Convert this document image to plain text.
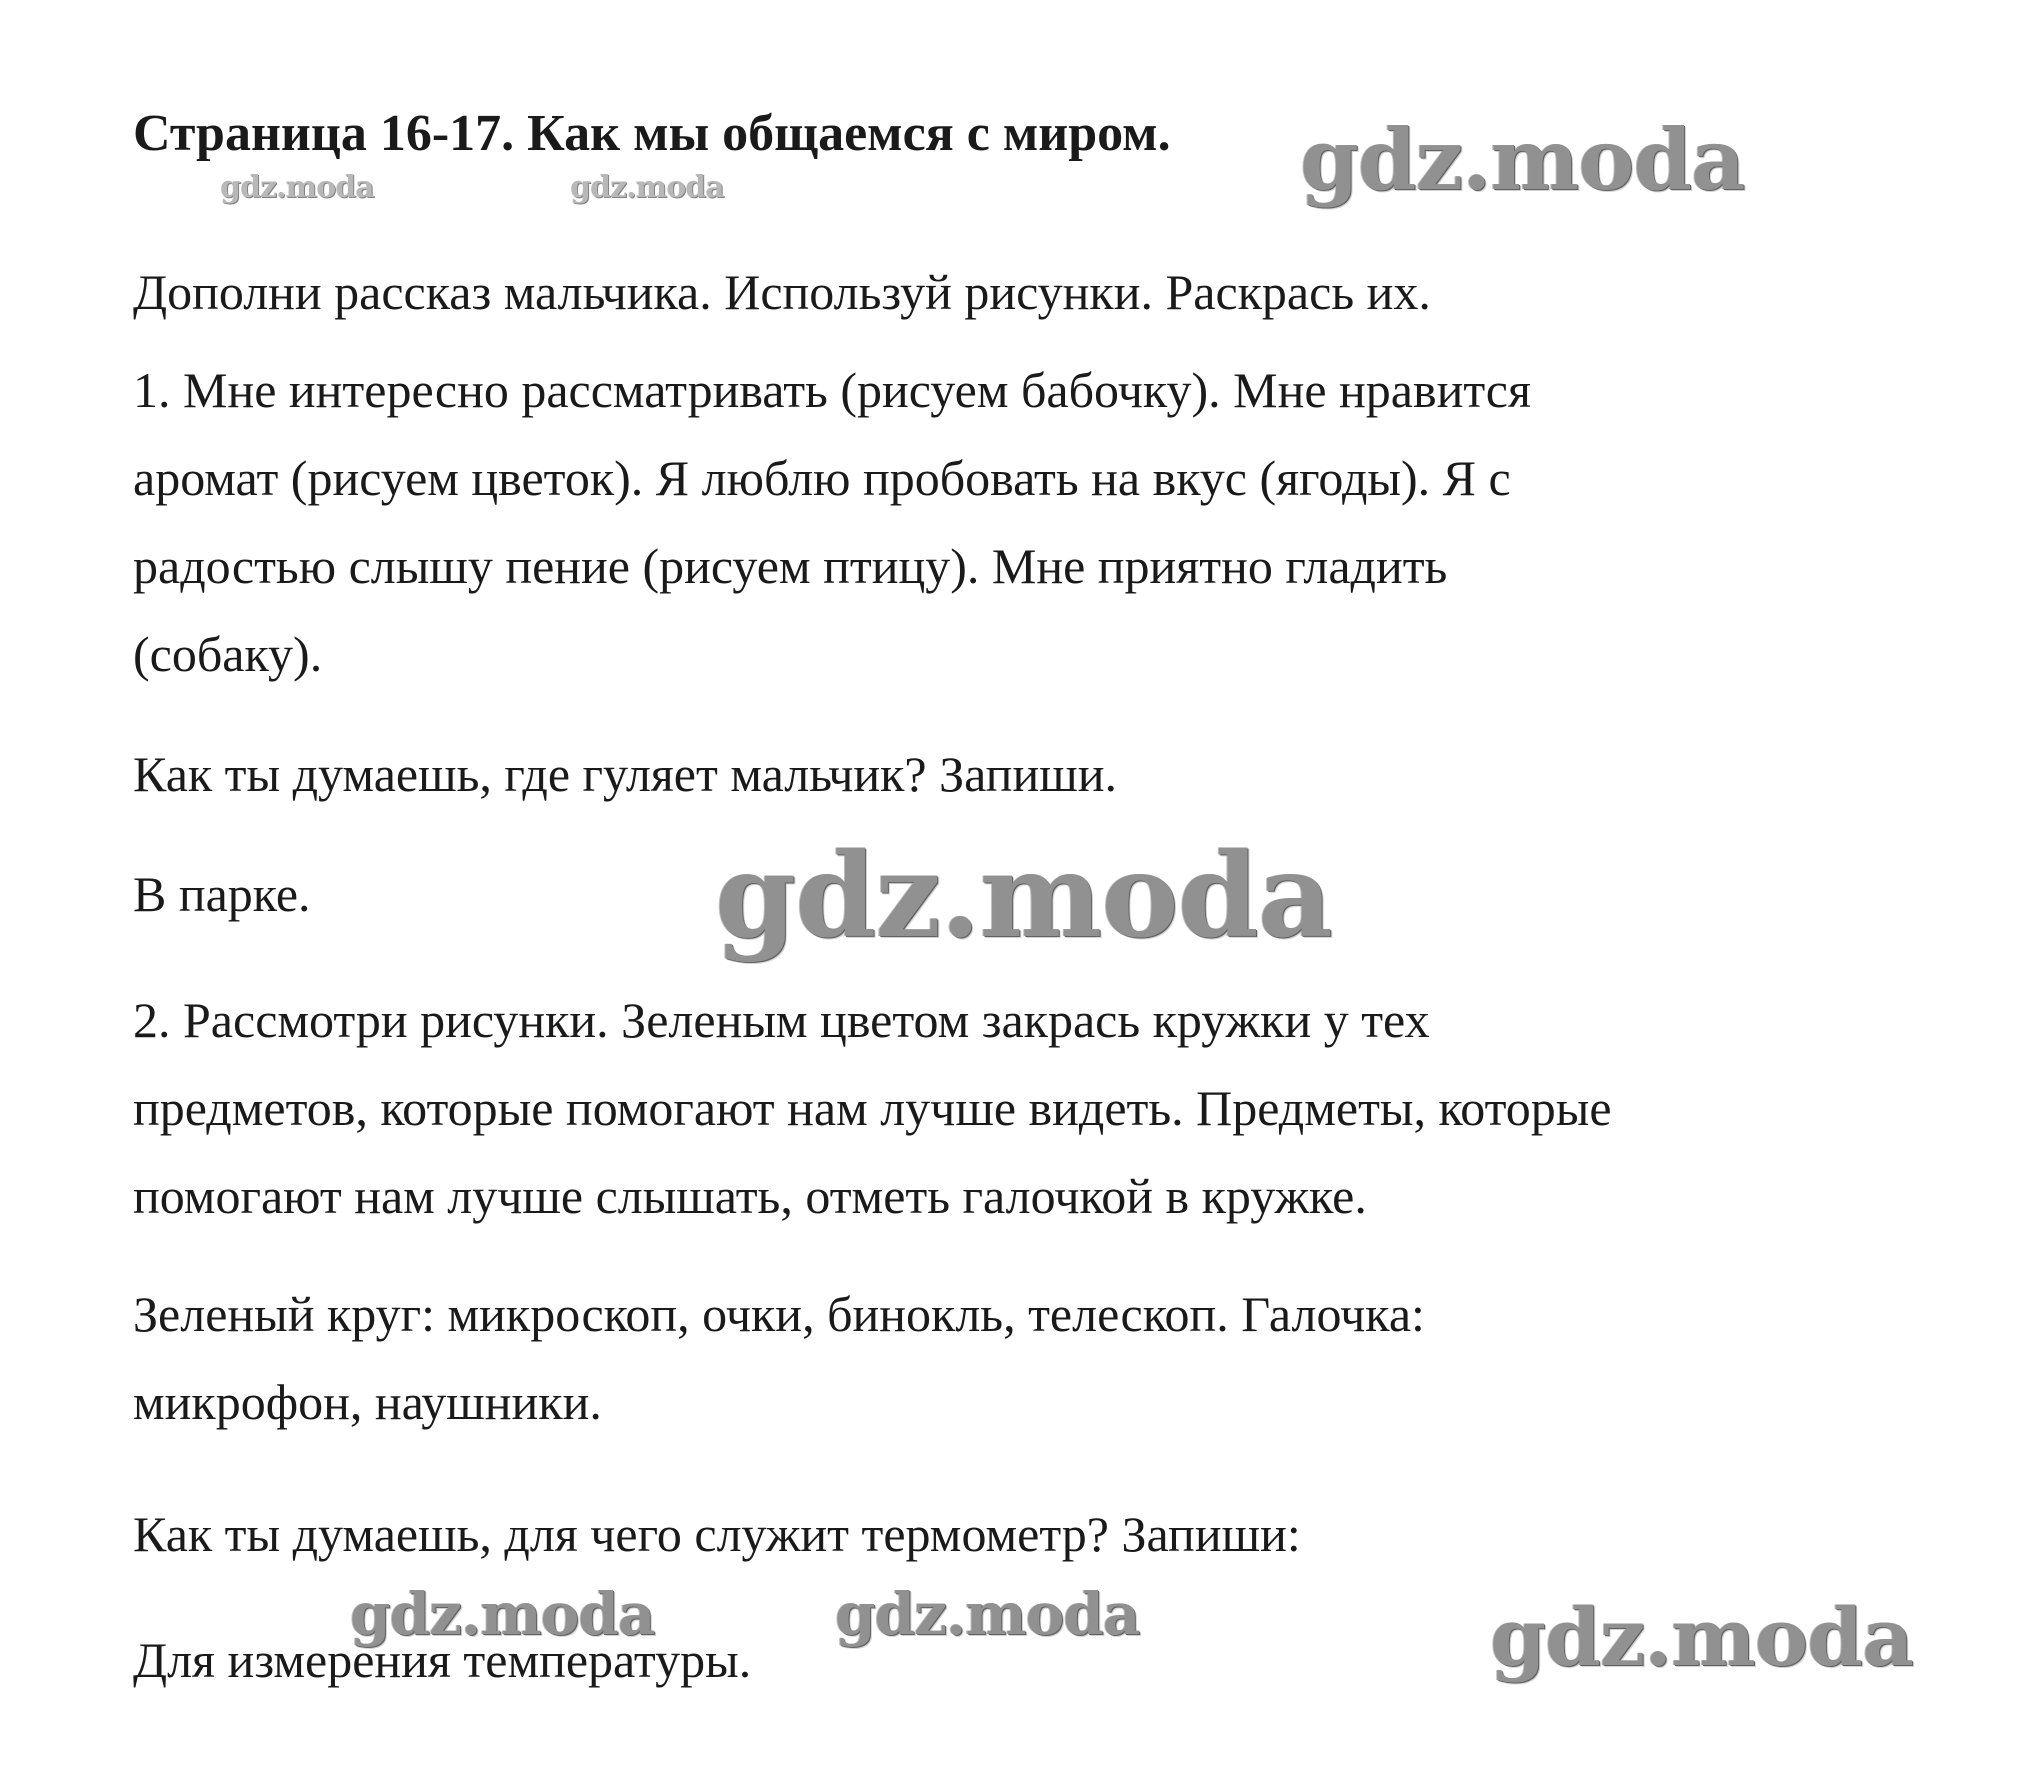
Страница 16-17. Как мы общаемся с миром.
Дополни рассказ мальчика. Используй рисунки. Раскрась их.
1. Мне интересно рассматривать (рисуем бабочку). Мне нравится
аромат (рисуем цветок). Я люблю пробовать на вкус (ягоды). Я с
радостью слышу пение (рисуем птицу). Мне приятно гладить
(собаку).
Как ты думаешь, где гуляет мальчик? Запиши.
В парке.
2. Рассмотри рисунки. Зеленым цветом закрась кружки у тех
предметов, которые помогают нам лучше видеть. Предметы, которые
помогают нам лучше слышать, отметь галочкой в кружке.
Зеленый круг: микроскоп, очки, бинокль, телескоп. Галочка:
микрофон, наушники.
Как ты думаешь, для чего служит термометр? Запиши:
Для измерения температуры.
gdz.moda	gdz.moda	gdz.moda
gdz.moda
gdz.moda	gdz.moda	gdz.moda
